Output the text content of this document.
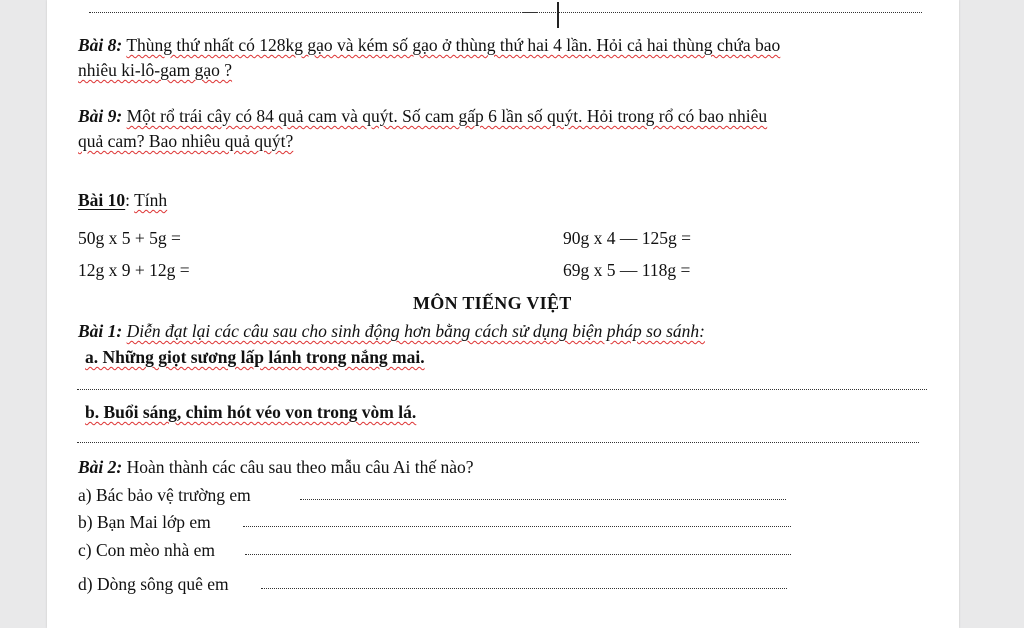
Bài 8: Thùng thứ nhất có 128kg gạo và kém số gạo ở thùng thứ hai 4 lần. Hỏi cả hai thùng chứa bao
nhiêu ki-lô-gam gạo ?
Bài 9: Một rổ trái cây có 84 quả cam và quýt. Số cam gấp 6 lần số quýt. Hỏi trong rổ có bao nhiêu
quả cam? Bao nhiêu quả quýt?
Bài 10: Tính
50g x 5 + 5g =	90g x 4 — 125g =
12g x 9 + 12g =	69g x 5 — 118g =
MÔN TIẾNG VIỆT
Bài 1: Diễn đạt lại các câu sau cho sinh động hơn bằng cách sử dụng biện pháp so sánh:
a. Những giọt sương lấp lánh trong nắng mai.
b. Buổi sáng, chim hót véo von trong vòm lá.
Bài 2: Hoàn thành các câu sau theo mẫu câu Ai thế nào?
a) Bác bảo vệ trường em
b) Bạn Mai lớp em
c) Con mèo nhà em
d) Dòng sông quê em
